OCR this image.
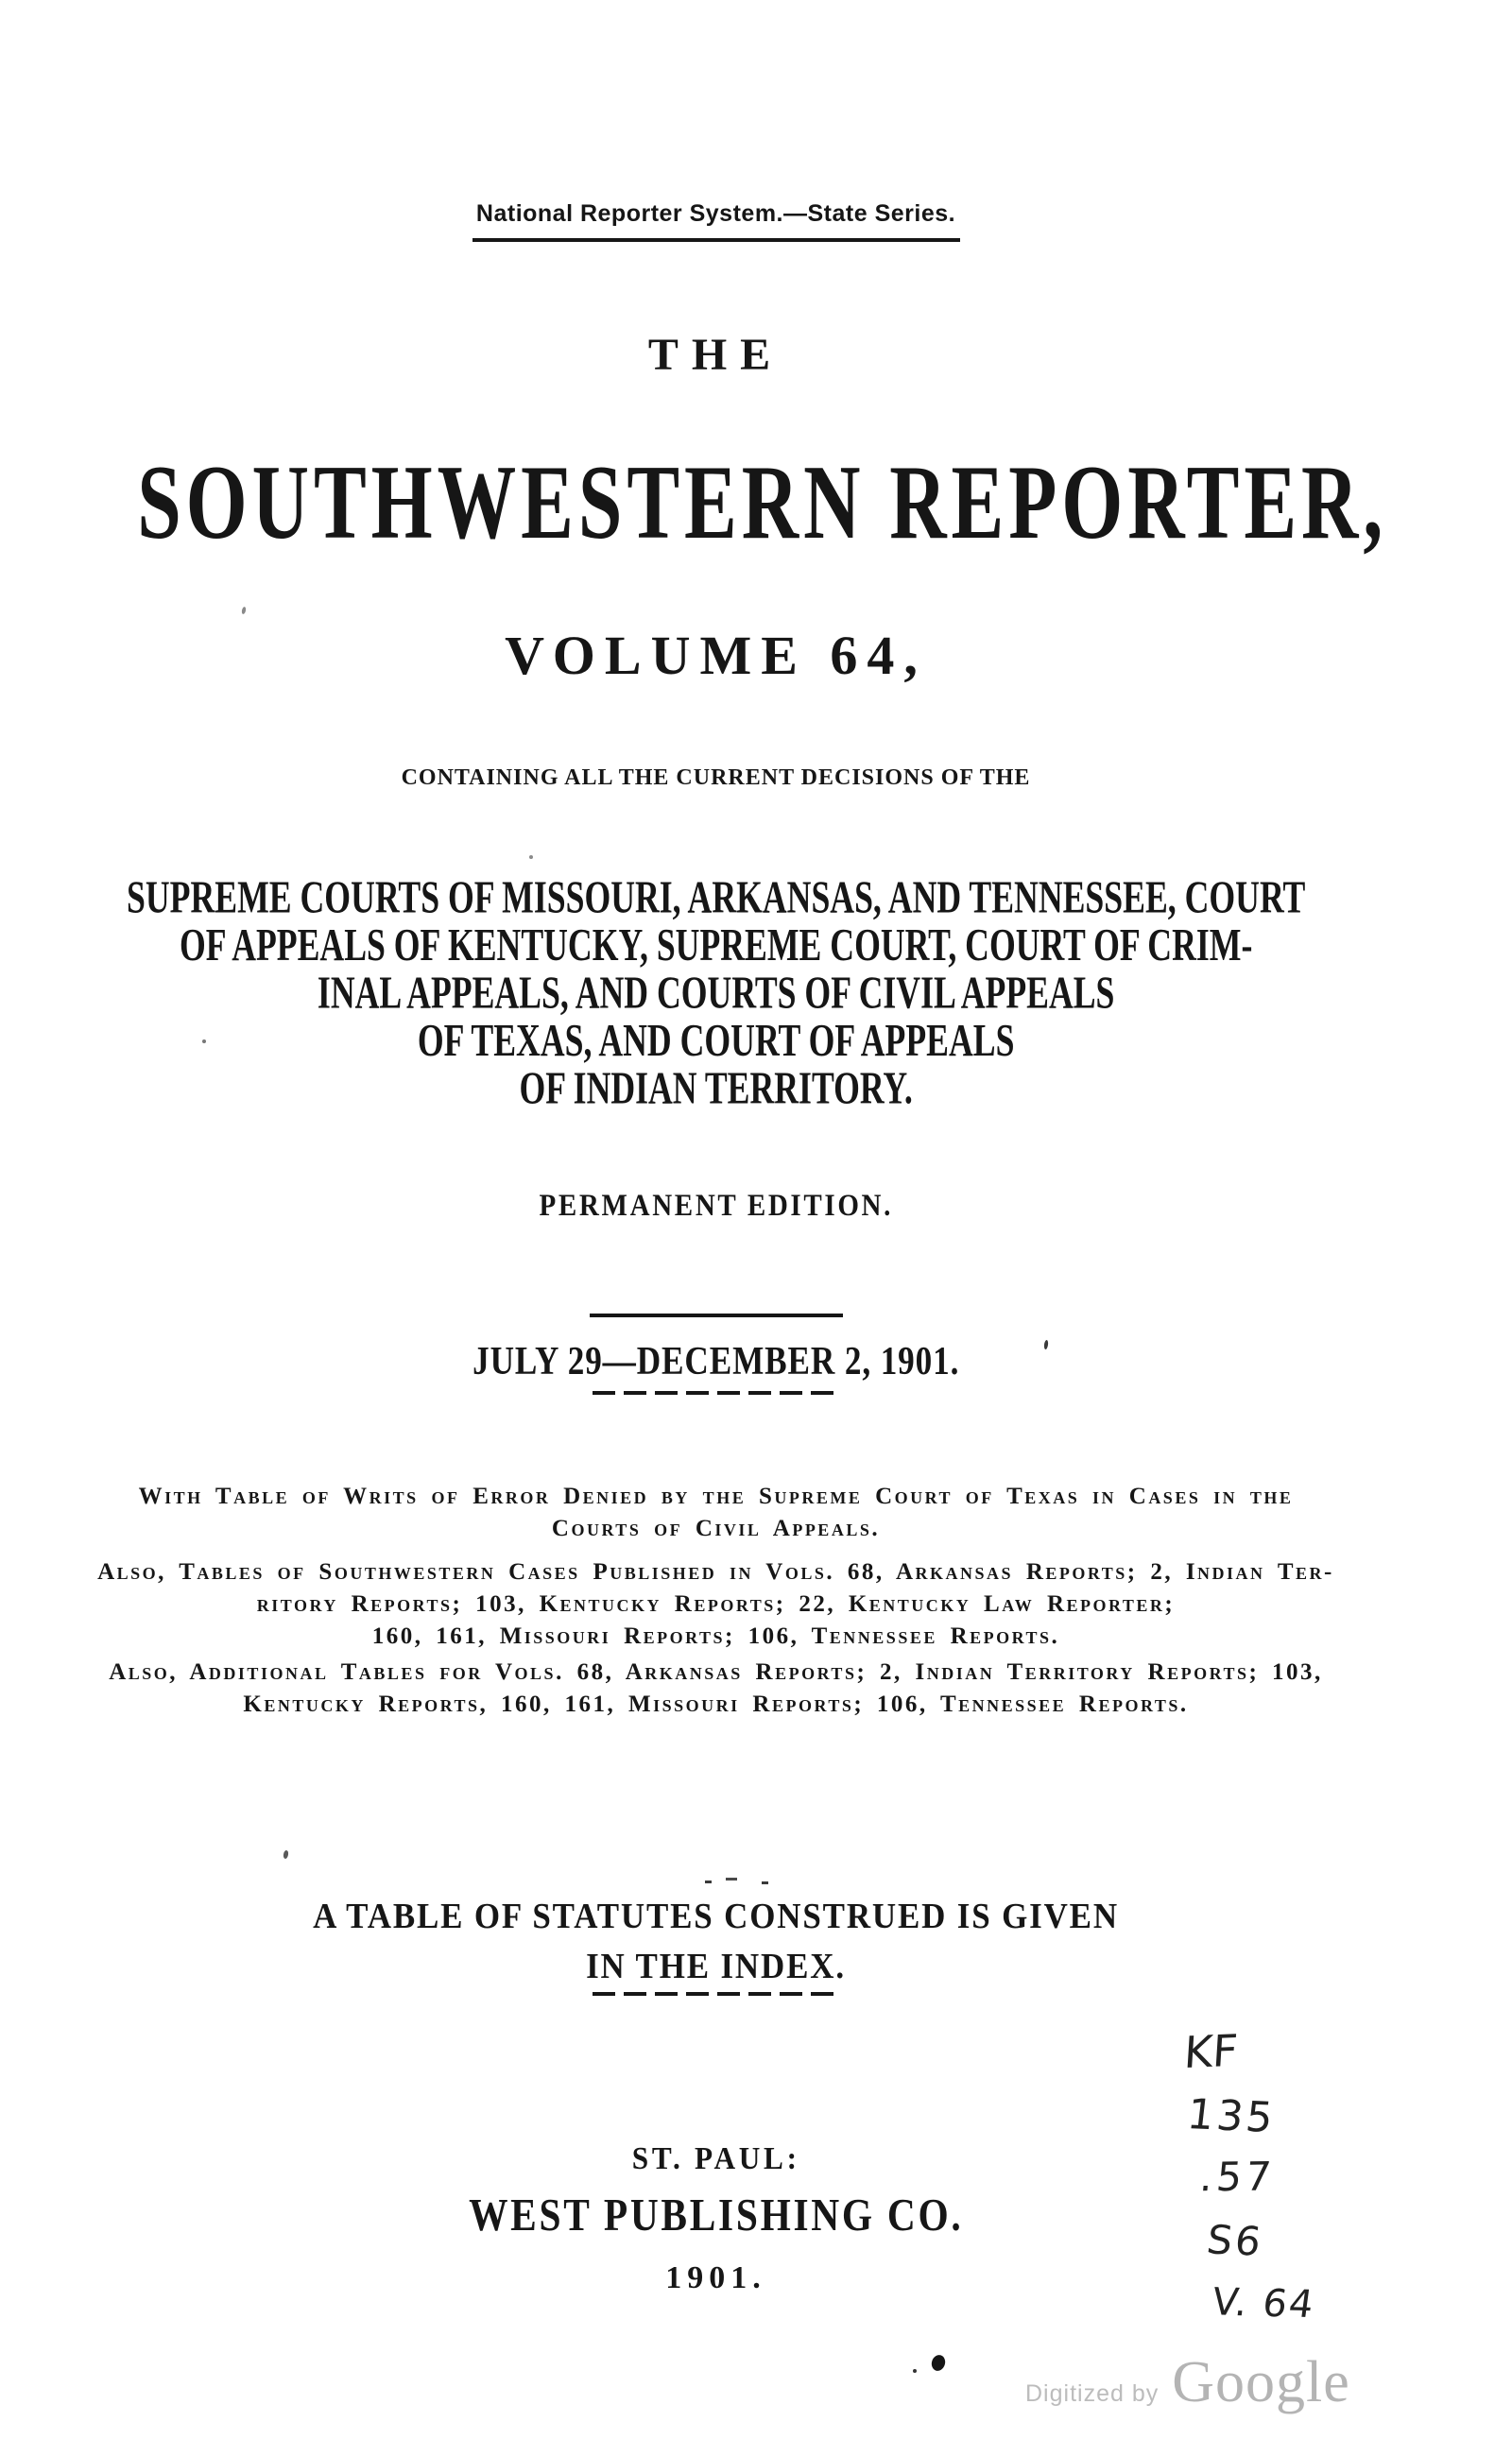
National Reporter System.—State Series.
THE
SOUTHWESTERN REPORTER,
VOLUME 64,
CONTAINING ALL THE CURRENT DECISIONS OF THE
SUPREME COURTS OF MISSOURI, ARKANSAS, AND TENNESSEE, COURT
OF APPEALS OF KENTUCKY, SUPREME COURT, COURT OF CRIM-
INAL APPEALS, AND COURTS OF CIVIL APPEALS
OF TEXAS, AND COURT OF APPEALS
OF INDIAN TERRITORY.
PERMANENT EDITION.
JULY 29—DECEMBER 2, 1901.
With Table of Writs of Error Denied by the Supreme Court of Texas in Cases in the
Courts of Civil Appeals.
Also, Tables of Southwestern Cases Published in Vols. 68, Arkansas Reports; 2, Indian Ter-
ritory Reports; 103, Kentucky Reports; 22, Kentucky Law Reporter;
160, 161, Missouri Reports; 106, Tennessee Reports.
Also, Additional Tables for Vols. 68, Arkansas Reports; 2, Indian Territory Reports; 103,
Kentucky Reports, 160, 161, Missouri Reports; 106, Tennessee Reports.
A TABLE OF STATUTES CONSTRUED IS GIVEN
IN THE INDEX.
ST. PAUL:
WEST PUBLISHING CO.
1901.
KF
135
.57
S6
V. 64
Digitized by Google
